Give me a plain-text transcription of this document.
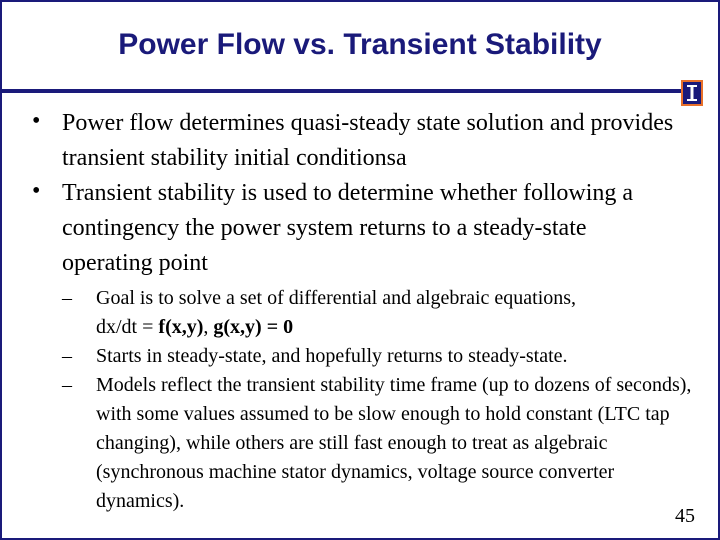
Power Flow vs. Transient Stability
• Power flow determines quasi-steady state solution and provides transient stability initial conditionsa
• Transient stability is used to determine whether following a contingency the power system returns to a steady-state operating point
– Goal is to solve a set of differential and algebraic equations,
dx/dt = f(x,y), g(x,y) = 0
– Starts in steady-state, and hopefully returns to steady-state.
– Models reflect the transient stability time frame (up to dozens of seconds), with some values assumed to be slow enough to hold constant (LTC tap changing), while others are still fast enough to treat as algebraic (synchronous machine stator dynamics, voltage source converter dynamics).
45
